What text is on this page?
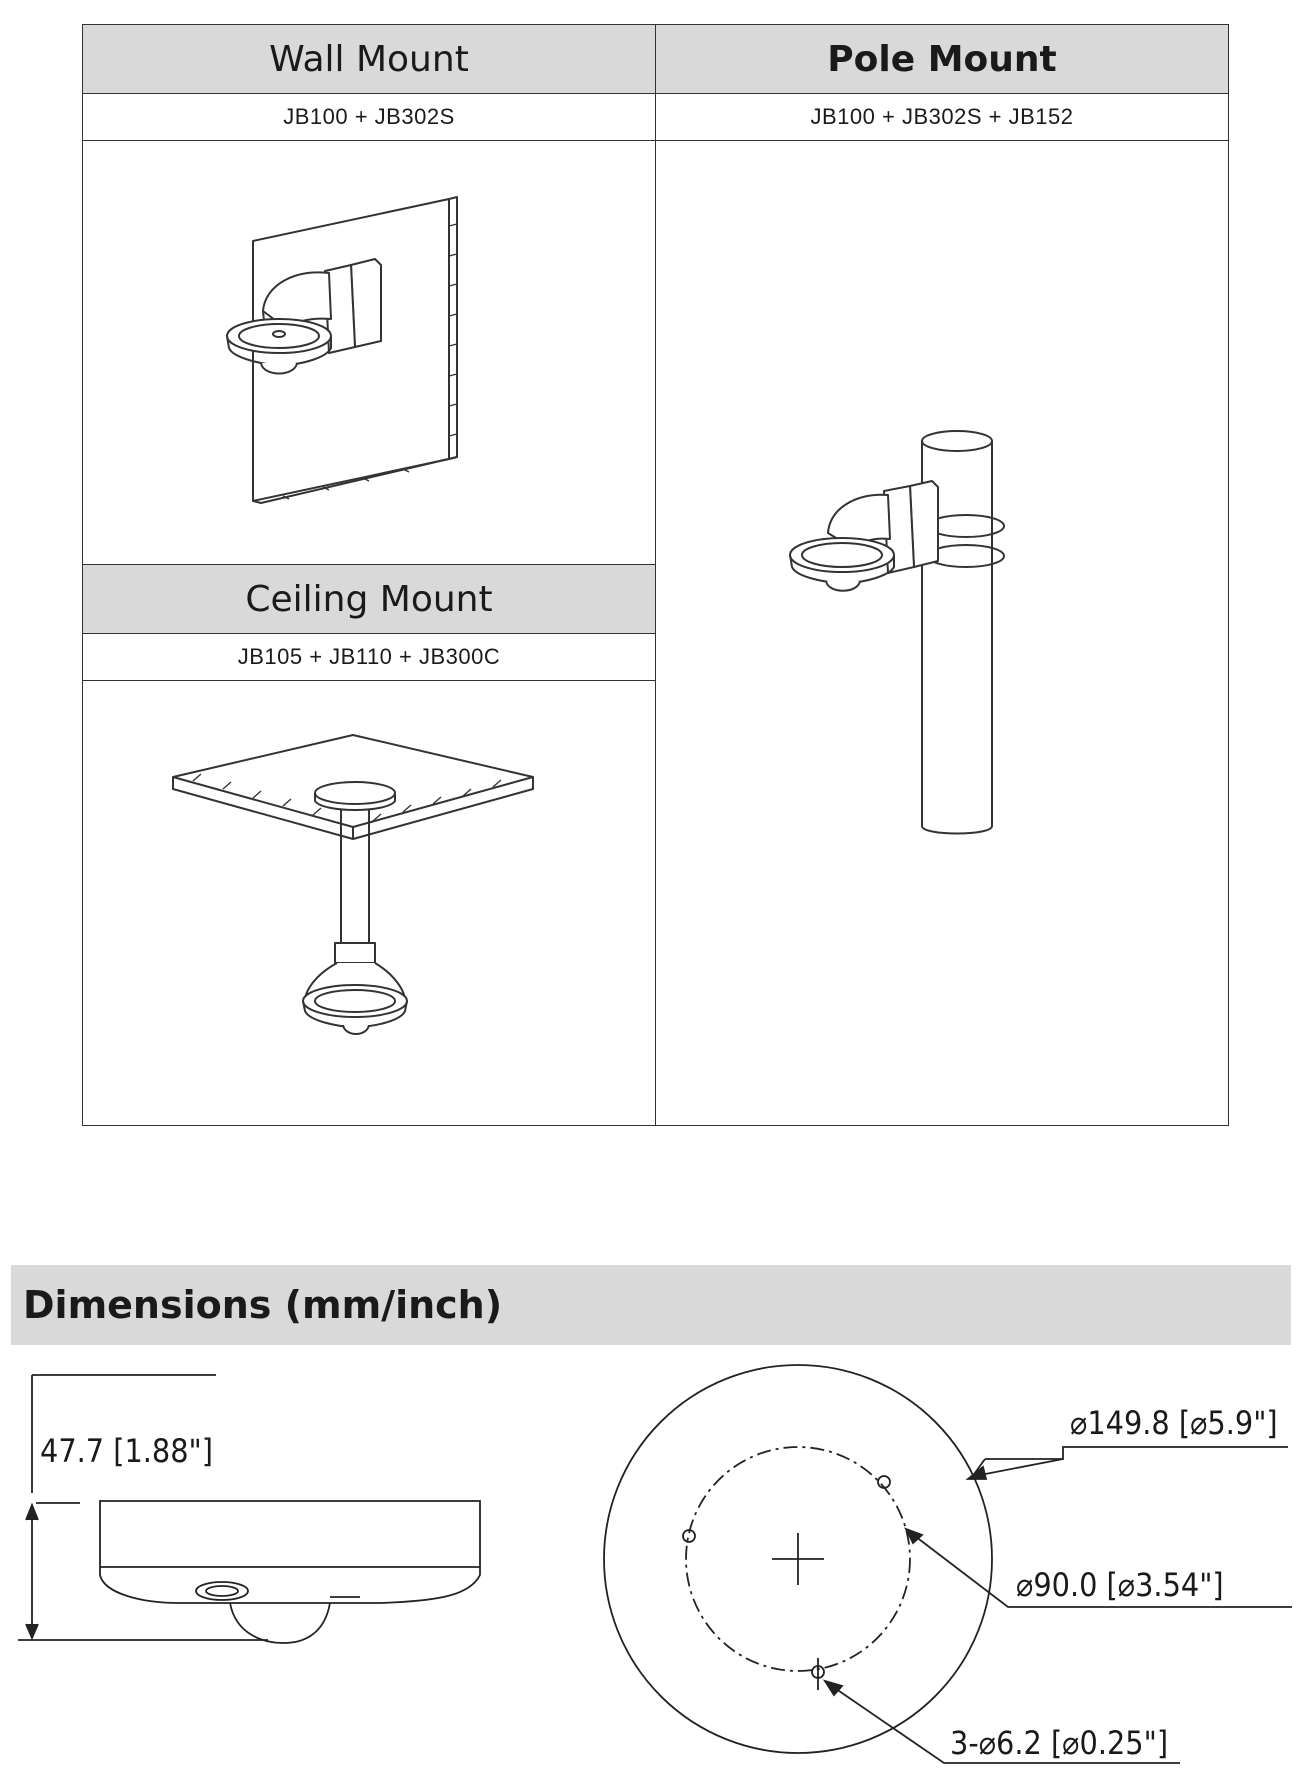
Wall Mount	Pole Mount
JB100 + JB302S	JB100 + JB302S + JB152
Ceiling Mount
JB105 + JB110 + JB300C
Dimensions (mm/inch)
47.7 [1.88"]
⌀149.8 [⌀5.9"]
⌀90.0 [⌀3.54"]
3-⌀6.2 [⌀0.25"]
